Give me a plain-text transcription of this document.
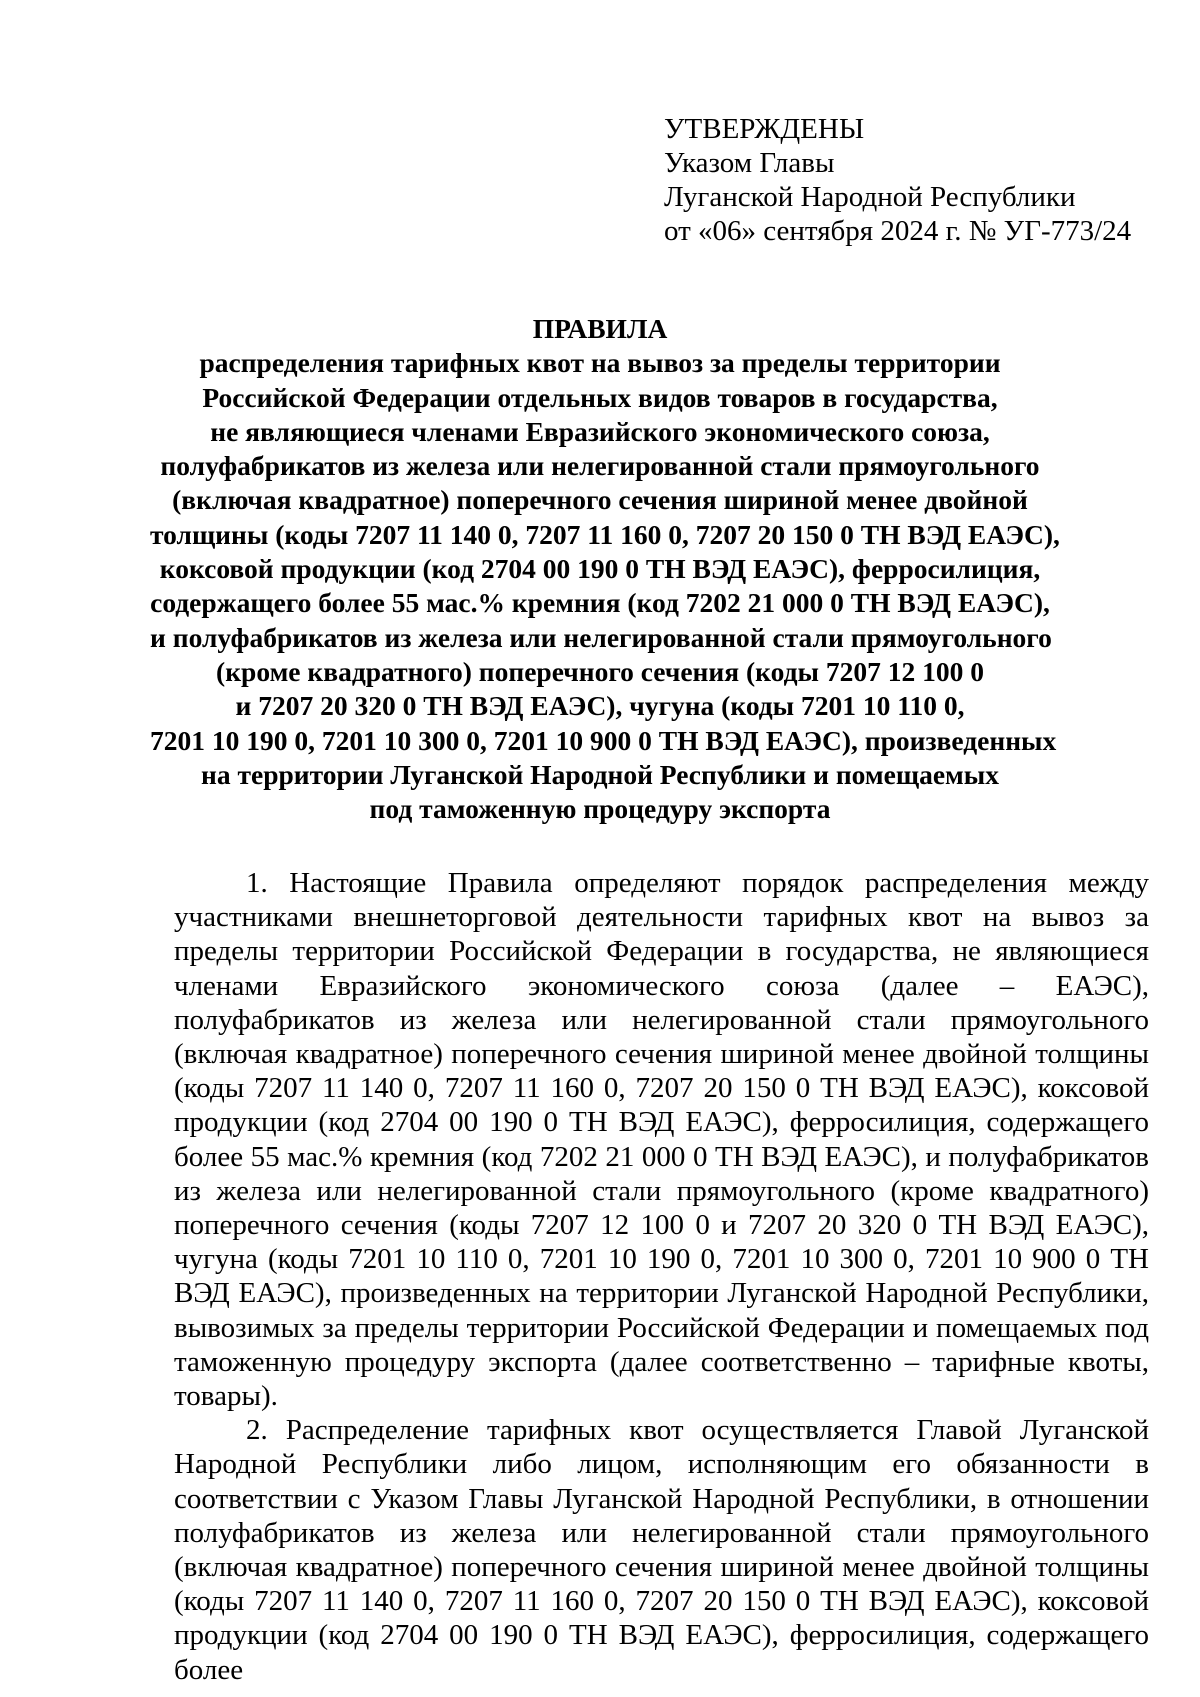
УТВЕРЖДЕНЫ
Указом Главы
Луганской Народной Республики
от «06» сентября 2024 г. № УГ-773/24
ПРАВИЛА
распределения тарифных квот на вывоз за пределы территории
Российской Федерации отдельных видов товаров в государства,
не являющиеся членами Евразийского экономического союза,
полуфабрикатов из железа или нелегированной стали прямоугольного
(включая квадратное) поперечного сечения шириной менее двойной
толщины (коды 7207 11 140 0, 7207 11 160 0, 7207 20 150 0 ТН ВЭД ЕАЭС),
коксовой продукции (код 2704 00 190 0 ТН ВЭД ЕАЭС), ферросилиция,
содержащего более 55 мас.% кремния (код 7202 21 000 0 ТН ВЭД ЕАЭС),
и полуфабрикатов из железа или нелегированной стали прямоугольного
(кроме квадратного) поперечного сечения (коды 7207 12 100 0
и 7207 20 320 0 ТН ВЭД ЕАЭС), чугуна (коды 7201 10 110 0,
7201 10 190 0, 7201 10 300 0, 7201 10 900 0 ТН ВЭД ЕАЭС), произведенных
на территории Луганской Народной Республики и помещаемых
под таможенную процедуру экспорта

1. Настоящие Правила определяют порядок распределения между участниками внешнеторговой деятельности тарифных квот на вывоз за пределы территории Российской Федерации в государства, не являющиеся членами Евразийского экономического союза (далее – ЕАЭС), полуфабрикатов из железа или нелегированной стали прямоугольного (включая квадратное) поперечного сечения шириной менее двойной толщины (коды 7207 11 140 0, 7207 11 160 0, 7207 20 150 0 ТН ВЭД ЕАЭС), коксовой продукции (код 2704 00 190 0 ТН ВЭД ЕАЭС), ферросилиция, содержащего более 55 мас.% кремния (код 7202 21 000 0 ТН ВЭД ЕАЭС), и полуфабрикатов из железа или нелегированной стали прямоугольного (кроме квадратного) поперечного сечения (коды 7207 12 100 0 и 7207 20 320 0 ТН ВЭД ЕАЭС), чугуна (коды 7201 10 110 0, 7201 10 190 0, 7201 10 300 0, 7201 10 900 0 ТН ВЭД ЕАЭС), произведенных на территории Луганской Народной Республики, вывозимых за пределы территории Российской Федерации и помещаемых под таможенную процедуру экспорта (далее соответственно – тарифные квоты, товары).

2. Распределение тарифных квот осуществляется Главой Луганской Народной Республики либо лицом, исполняющим его обязанности в соответствии с Указом Главы Луганской Народной Республики, в отношении полуфабрикатов из железа или нелегированной стали прямоугольного (включая квадратное) поперечного сечения шириной менее двойной толщины (коды 7207 11 140 0, 7207 11 160 0, 7207 20 150 0 ТН ВЭД ЕАЭС), коксовой продукции (код 2704 00 190 0 ТН ВЭД ЕАЭС), ферросилиция, содержащего более
